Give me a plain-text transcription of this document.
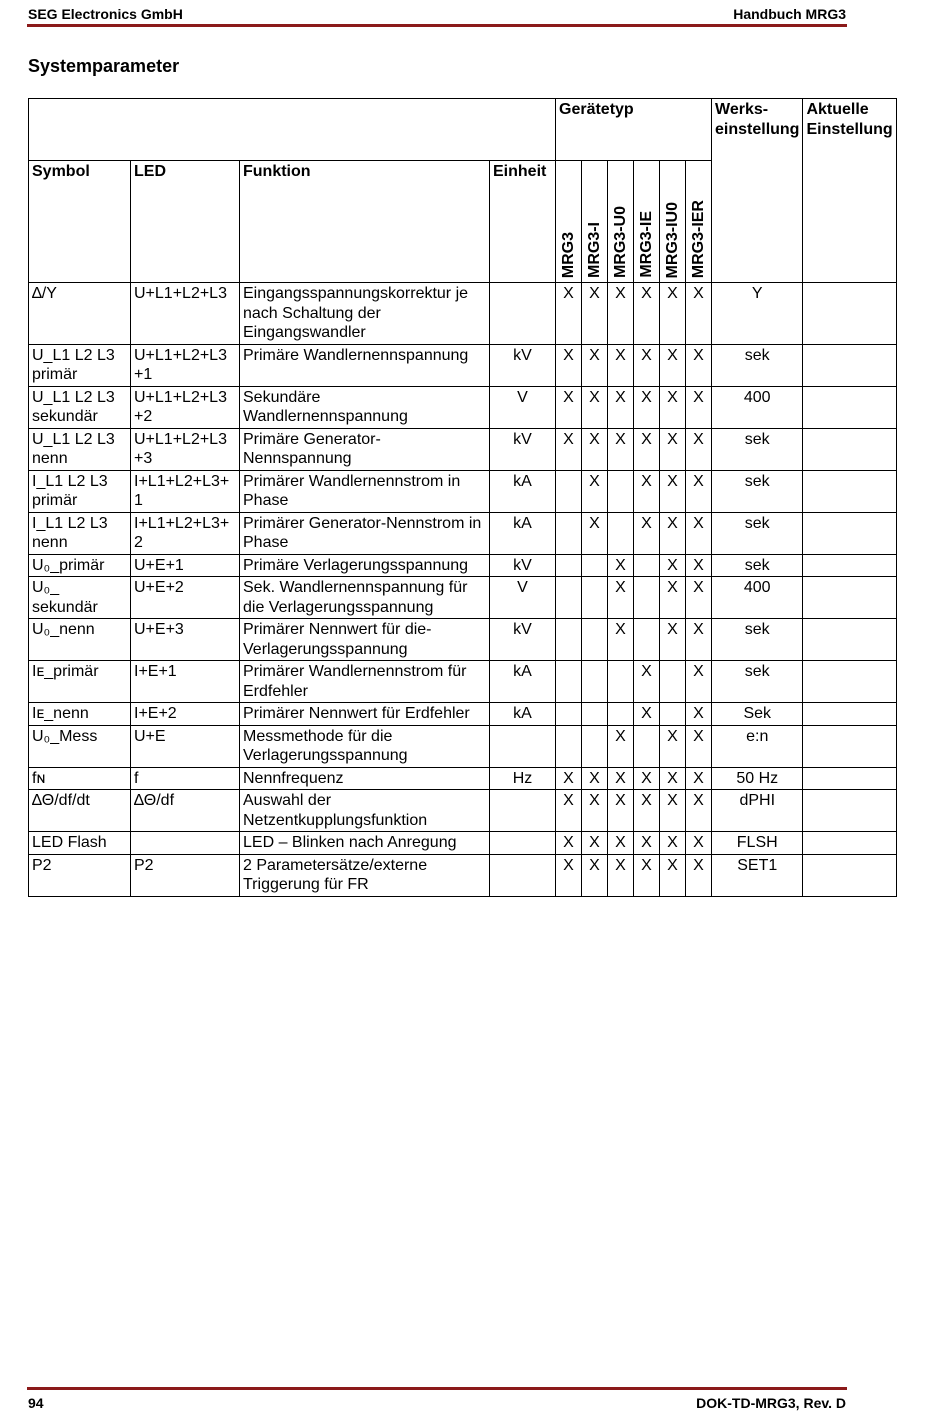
SEG Electronics GmbH	Handbuch MRG3
Systemparameter
				Gerätetyp						Werks-einstellung	Aktuelle Einstellung
Symbol	LED	Funktion	Einheit	MRG3	MRG3-I	MRG3-U0	MRG3-IE	MRG3-IU0	MRG3-IER		

∆/Y	U+L1+L2+L3	Eingangsspannungskorrektur je nach Schaltung der Eingangswandler		X	X	X	X	X	X	Y	
U_L1 L2 L3 primär	U+L1+L2+L3 +1	Primäre Wandlernennspannung	kV	X	X	X	X	X	X	sek	
U_L1 L2 L3 sekundär	U+L1+L2+L3 +2	Sekundäre Wandlernennspannung	V	X	X	X	X	X	X	400	
U_L1 L2 L3 nenn	U+L1+L2+L3 +3	Primäre Generator-Nennspannung	kV	X	X	X	X	X	X	sek	
I_L1 L2 L3 primär	I+L1+L2+L3+ 1	Primärer Wandlernennstrom in Phase	kA		X		X	X	X	sek	
I_L1 L2 L3 nenn	I+L1+L2+L3+ 2	Primärer Generator-Nennstrom in Phase	kA		X		X	X	X	sek	
U₀_primär	U+E+1	Primäre Verlagerungsspannung	kV			X		X	X	sek	
U₀_ sekundär	U+E+2	Sek. Wandlernennspannung für die Verlagerungsspannung	V			X		X	X	400	
U₀_nenn	U+E+3	Primärer Nennwert für die-Verlagerungsspannung	kV			X		X	X	sek	
Iᴇ_primär	I+E+1	Primärer Wandlernennstrom für Erdfehler	kA				X		X	sek	
Iᴇ_nenn	I+E+2	Primärer Nennwert für Erdfehler	kA				X		X	Sek	
U₀_Mess	U+E	Messmethode für die Verlagerungsspannung				X		X	X	e:n	
fɴ	f	Nennfrequenz	Hz	X	X	X	X	X	X	50 Hz	
∆Θ/df/dt	∆Θ/df	Auswahl der Netzentkupplungsfunktion		X	X	X	X	X	X	dPHI	
LED Flash		LED – Blinken nach Anregung		X	X	X	X	X	X	FLSH	
P2	P2	2 Parametersätze/externe Triggerung für FR		X	X	X	X	X	X	SET1	
94	DOK-TD-MRG3, Rev. D
